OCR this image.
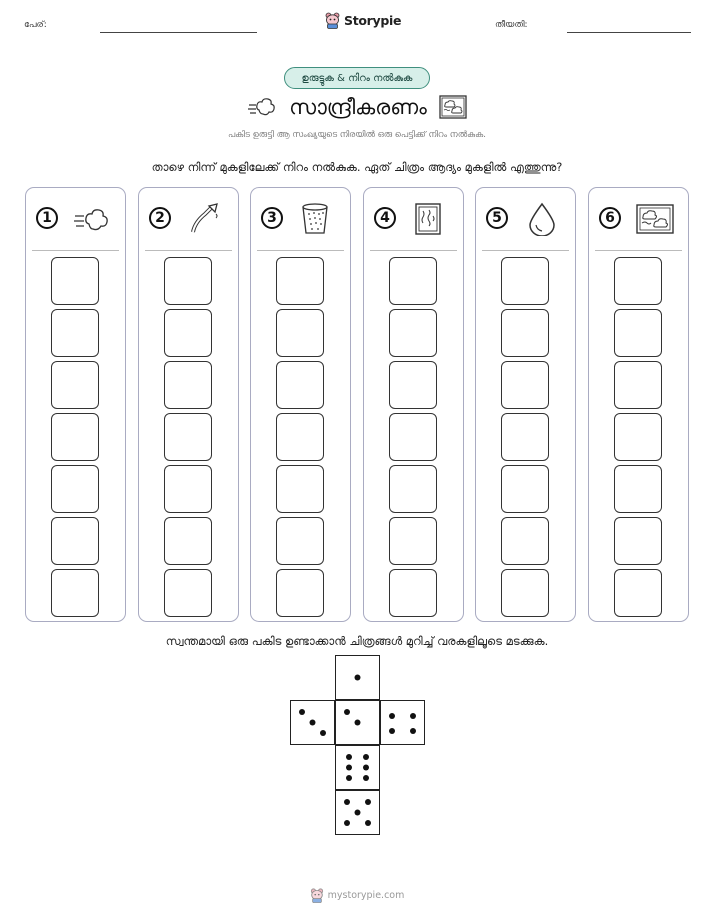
പേര്:	Storypie	തീയതി:
ഉരുട്ടുക & നിറം നൽകുക
സാന്ദ്രീകരണം
പകിട ഉരുട്ടി ആ സംഖ്യയുടെ നിരയിൽ ഒരു പെട്ടിക്ക് നിറം നൽകുക.
താഴെ നിന്ന് മുകളിലേക്ക് നിറം നൽകുക. ഏത് ചിത്രം ആദ്യം മുകളിൽ എത്തുന്നു?
1	2	3	4	5	6
സ്വന്തമായി ഒരു പകിട ഉണ്ടാക്കാൻ ചിത്രങ്ങൾ മുറിച്ച് വരകളിലൂടെ മടക്കുക.
mystorypie.com
